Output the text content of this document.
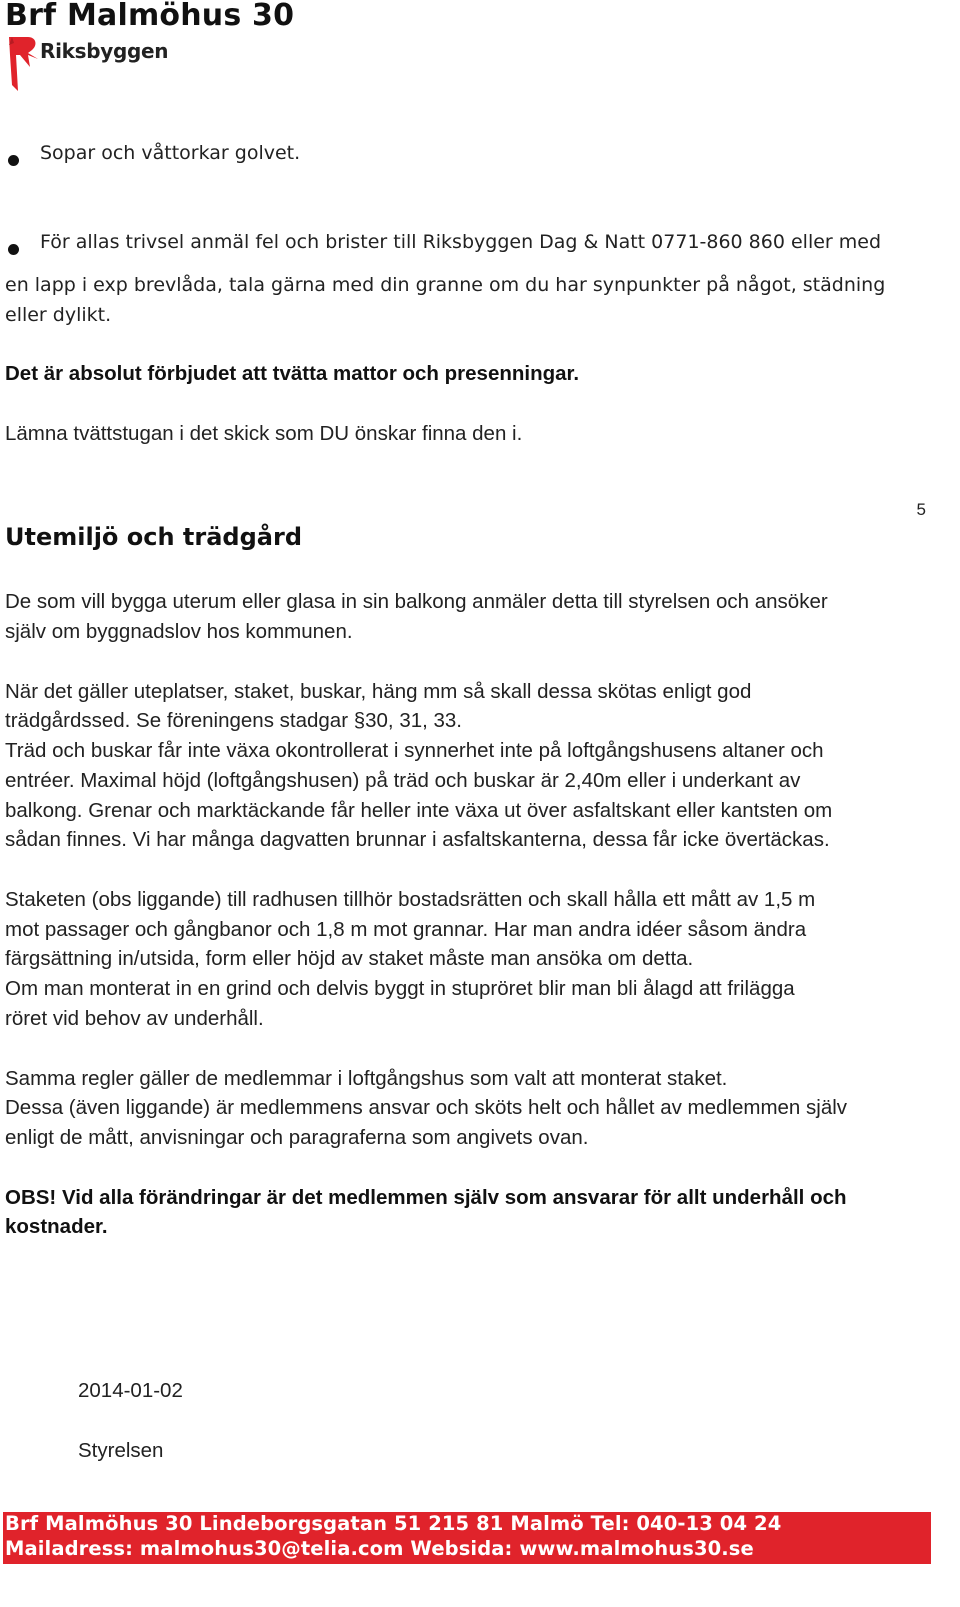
Brf Malmöhus 30
Riksbyggen
Sopar och våttorkar golvet.
För allas trivsel anmäl fel och brister till Riksbyggen Dag & Natt 0771-860 860 eller med
en lapp i exp brevlåda, tala gärna med din granne om du har synpunkter på något, städning
eller dylikt.
Det är absolut förbjudet att tvätta mattor och presenningar.
Lämna tvättstugan i det skick som DU önskar finna den i.
5
Utemiljö och trädgård
De som vill bygga uterum eller glasa in sin balkong anmäler detta till styrelsen och ansöker
själv om byggnadslov hos kommunen.
När det gäller uteplatser, staket, buskar, häng mm så skall dessa skötas enligt god
trädgårdssed. Se föreningens stadgar §30, 31, 33.
Träd och buskar får inte växa okontrollerat i synnerhet inte på loftgångshusens altaner och
entréer. Maximal höjd (loftgångshusen) på träd och buskar är 2,40m eller i underkant av
balkong. Grenar och marktäckande får heller inte växa ut över asfaltskant eller kantsten om
sådan finnes. Vi har många dagvatten brunnar i asfaltskanterna, dessa får icke övertäckas.
Staketen (obs liggande) till radhusen tillhör bostadsrätten och skall hålla ett mått av 1,5 m
mot passager och gångbanor och 1,8 m mot grannar. Har man andra idéer såsom ändra
färgsättning in/utsida, form eller höjd av staket måste man ansöka om detta.
Om man monterat in en grind och delvis byggt in stupröret blir man bli ålagd att frilägga
röret vid behov av underhåll.
Samma regler gäller de medlemmar i loftgångshus som valt att monterat staket.
Dessa (även liggande) är medlemmens ansvar och sköts helt och hållet av medlemmen själv
enligt de mått, anvisningar och paragraferna som angivets ovan.
OBS! Vid alla förändringar är det medlemmen själv som ansvarar för allt underhåll och
kostnader.
2014-01-02
Styrelsen
Brf Malmöhus 30 Lindeborgsgatan 51 215 81 Malmö Tel: 040-13 04 24
Mailadress: malmohus30@telia.com Websida: www.malmohus30.se
